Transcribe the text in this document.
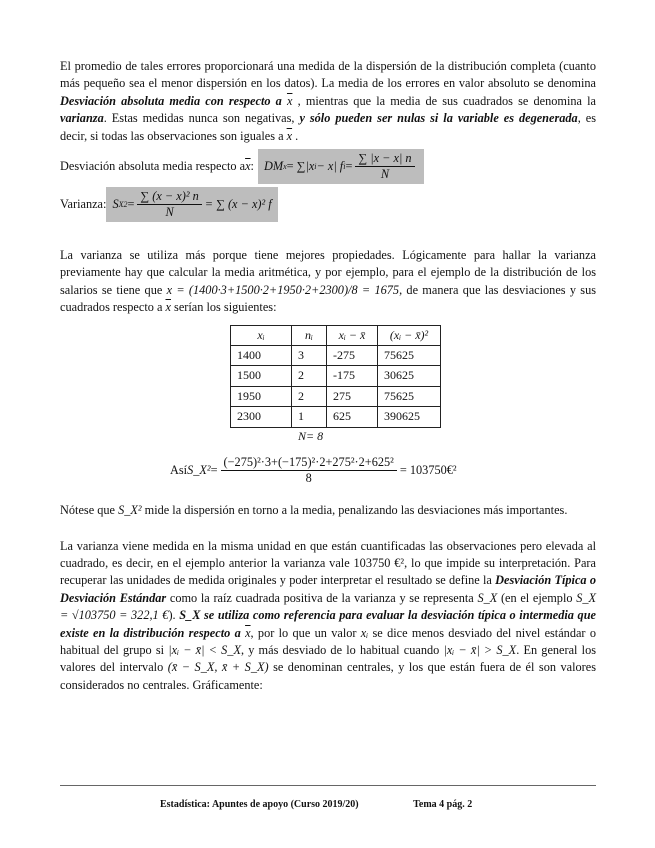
El promedio de tales errores proporcionará una medida de la dispersión de la distribución completa (cuanto más pequeño sea el menor dispersión en los datos). La media de los errores en valor absoluto se denomina Desviación absoluta media con respecto a $\overline{x}$ , mientras que la media de sus cuadrados se denomina la varianza. Estas medidas nunca son negativas, y sólo pueden ser nulas si la variable es degenerada, es decir, si todas las observaciones son iguales a $\overline{x}$ .

Desviación absoluta media respecto a $\overline{x}$ : DM x = ∑ |x i − x| f $i = \frac{\sum |x - x| n}{N}$
Varianza: S X $2 = \frac{\text{∑ (x − x)² n}}{N}$ = ∑ (x − x)² f

La varianza se utiliza más porque tiene mejores propiedades. Lógicamente para hallar la varianza previamente hay que calcular la media aritmética, y por ejemplo, para el ejemplo de la distribución de los salarios se tiene que x = (1400·3+1500·2+1950·2+2300)/8 = 1675, de manera que las desviaciones y sus cuadrados respecto a $\overline{x}$ serían los siguientes:

xᵢ	nᵢ	xᵢ − x̄	(xᵢ − x̄)²
1400	3	-275	75625
1500	2	-175	30625
1950	2	275	75625
2300	1	625	390625
N= 8
Así S_X² = $\frac{\text{(−275)²·3+(−175)²·2+275²·2+625²}}{8}$ = 103750€²

Nótese que S_X² mide la dispersión en torno a la media, penalizando las desviaciones más importantes.

La varianza viene medida en la misma unidad en que están cuantificadas las observaciones pero elevada al cuadrado, es decir, en el ejemplo anterior la varianza vale 103750 €², lo que impide su interpretación. Para recuperar las unidades de medida originales y poder interpretar el resultado se define la Desviación Típica o Desviación Estándar como la raíz cuadrada positiva de la varianza y se representa S_X (en el ejemplo S_X = √103750 = 322,1 €). S_X se utiliza como referencia para evaluar la desviación típica o intermedia que existe en la distribución respecto a $\overline{x}$, por lo que un valor xᵢ se dice menos desviado del nivel estándar o habitual del grupo si |xᵢ − x̄| < S_X, y más desviado de lo habitual cuando |xᵢ − x̄| > S_X. En general los valores del intervalo (x̄ − S_X, x̄ + S_X) se denominan centrales, y los que están fuera de él son valores considerados no centrales. Gráficamente:

Estadística: Apuntes de apoyo (Curso 2019/20)	Tema 4 pág. 2
